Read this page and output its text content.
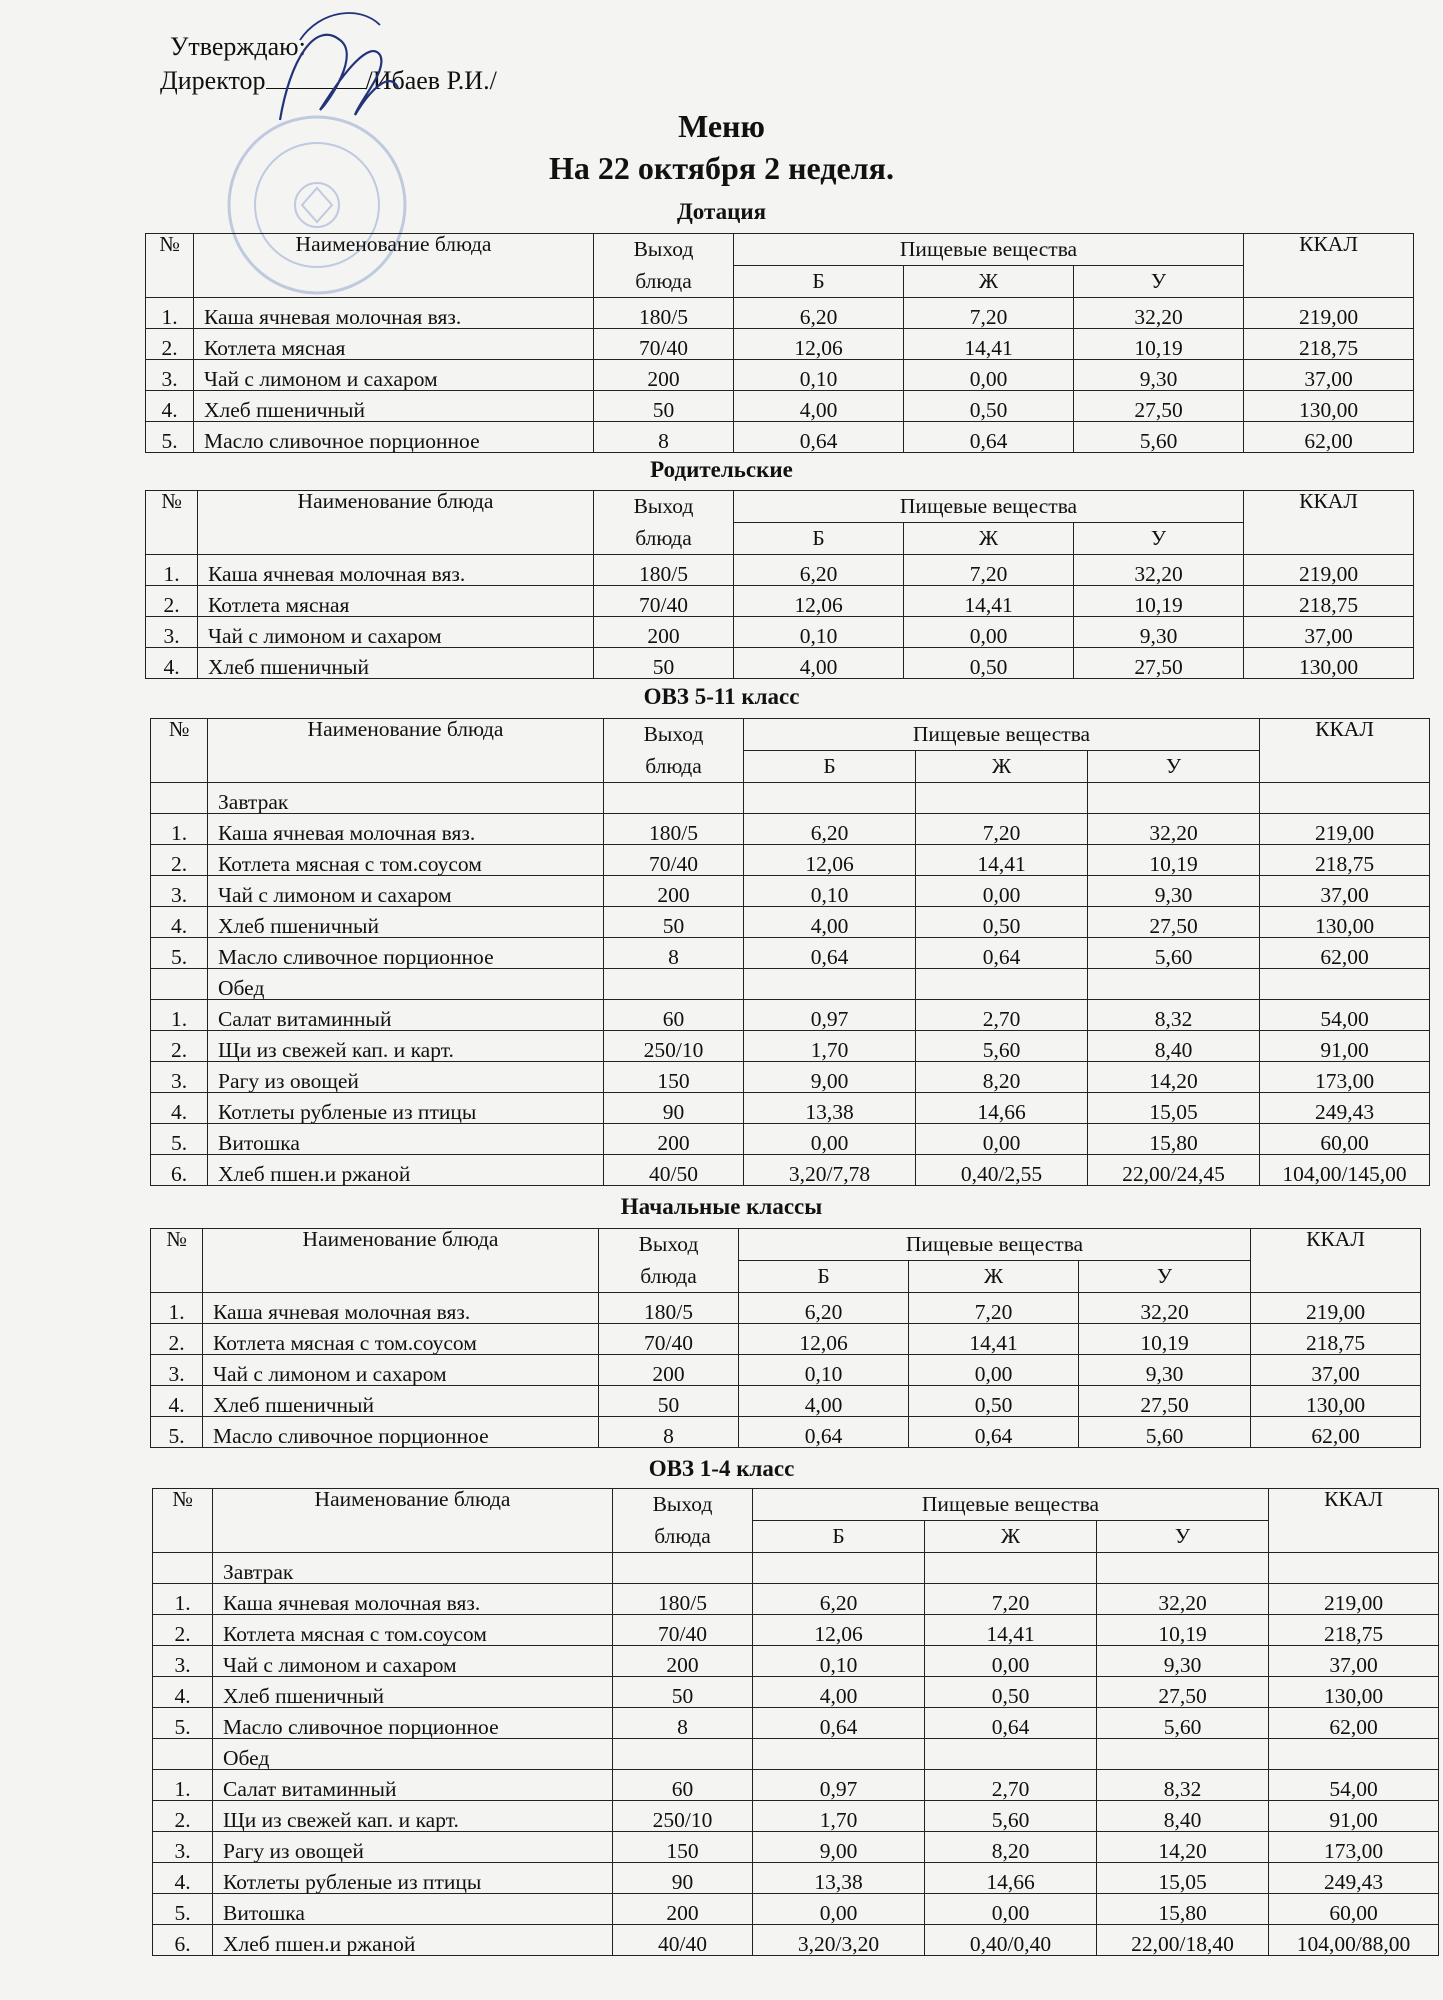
Утверждаю:
Директор	/Ибаев Р.И./
Меню
На 22 октября 2 неделя.
Дотация
Родительские
ОВЗ 5-11 класс
Начальные классы
ОВЗ 1-4 класс
№	Наименование блюда	Выход	Пищевые вещества			ККАЛ
		блюда	Б	Ж	У	
1.	Каша ячневая молочная вяз.	180/5	6,20	7,20	32,20	219,00
2.	Котлета мясная	70/40	12,06	14,41	10,19	218,75
3.	Чай с лимоном и сахаром	200	0,10	0,00	9,30	37,00
4.	Хлеб пшеничный	50	4,00	0,50	27,50	130,00
5.	Масло сливочное порционное	8	0,64	0,64	5,60	62,00
№	Наименование блюда	Выход	Пищевые вещества			ККАЛ
		блюда	Б	Ж	У	
1.	Каша ячневая молочная вяз.	180/5	6,20	7,20	32,20	219,00
2.	Котлета мясная	70/40	12,06	14,41	10,19	218,75
3.	Чай с лимоном и сахаром	200	0,10	0,00	9,30	37,00
4.	Хлеб пшеничный	50	4,00	0,50	27,50	130,00
№	Наименование блюда	Выход	Пищевые вещества			ККАЛ
		блюда	Б	Ж	У	
	Завтрак					
1.	Каша ячневая молочная вяз.	180/5	6,20	7,20	32,20	219,00
2.	Котлета мясная с том.соусом	70/40	12,06	14,41	10,19	218,75
3.	Чай с лимоном и сахаром	200	0,10	0,00	9,30	37,00
4.	Хлеб пшеничный	50	4,00	0,50	27,50	130,00
5.	Масло сливочное порционное	8	0,64	0,64	5,60	62,00
	Обед					
1.	Салат витаминный	60	0,97	2,70	8,32	54,00
2.	Щи из свежей кап. и карт.	250/10	1,70	5,60	8,40	91,00
3.	Рагу из овощей	150	9,00	8,20	14,20	173,00
4.	Котлеты рубленые из птицы	90	13,38	14,66	15,05	249,43
5.	Витошка	200	0,00	0,00	15,80	60,00
6.	Хлеб пшен.и ржаной	40/50	3,20/7,78	0,40/2,55	22,00/24,45	104,00/145,00
№	Наименование блюда	Выход	Пищевые вещества			ККАЛ
		блюда	Б	Ж	У	
1.	Каша ячневая молочная вяз.	180/5	6,20	7,20	32,20	219,00
2.	Котлета мясная с том.соусом	70/40	12,06	14,41	10,19	218,75
3.	Чай с лимоном и сахаром	200	0,10	0,00	9,30	37,00
4.	Хлеб пшеничный	50	4,00	0,50	27,50	130,00
5.	Масло сливочное порционное	8	0,64	0,64	5,60	62,00
№	Наименование блюда	Выход	Пищевые вещества			ККАЛ
		блюда	Б	Ж	У	
	Завтрак					
1.	Каша ячневая молочная вяз.	180/5	6,20	7,20	32,20	219,00
2.	Котлета мясная с том.соусом	70/40	12,06	14,41	10,19	218,75
3.	Чай с лимоном и сахаром	200	0,10	0,00	9,30	37,00
4.	Хлеб пшеничный	50	4,00	0,50	27,50	130,00
5.	Масло сливочное порционное	8	0,64	0,64	5,60	62,00
	Обед					
1.	Салат витаминный	60	0,97	2,70	8,32	54,00
2.	Щи из свежей кап. и карт.	250/10	1,70	5,60	8,40	91,00
3.	Рагу из овощей	150	9,00	8,20	14,20	173,00
4.	Котлеты рубленые из птицы	90	13,38	14,66	15,05	249,43
5.	Витошка	200	0,00	0,00	15,80	60,00
6.	Хлеб пшен.и ржаной	40/40	3,20/3,20	0,40/0,40	22,00/18,40	104,00/88,00
